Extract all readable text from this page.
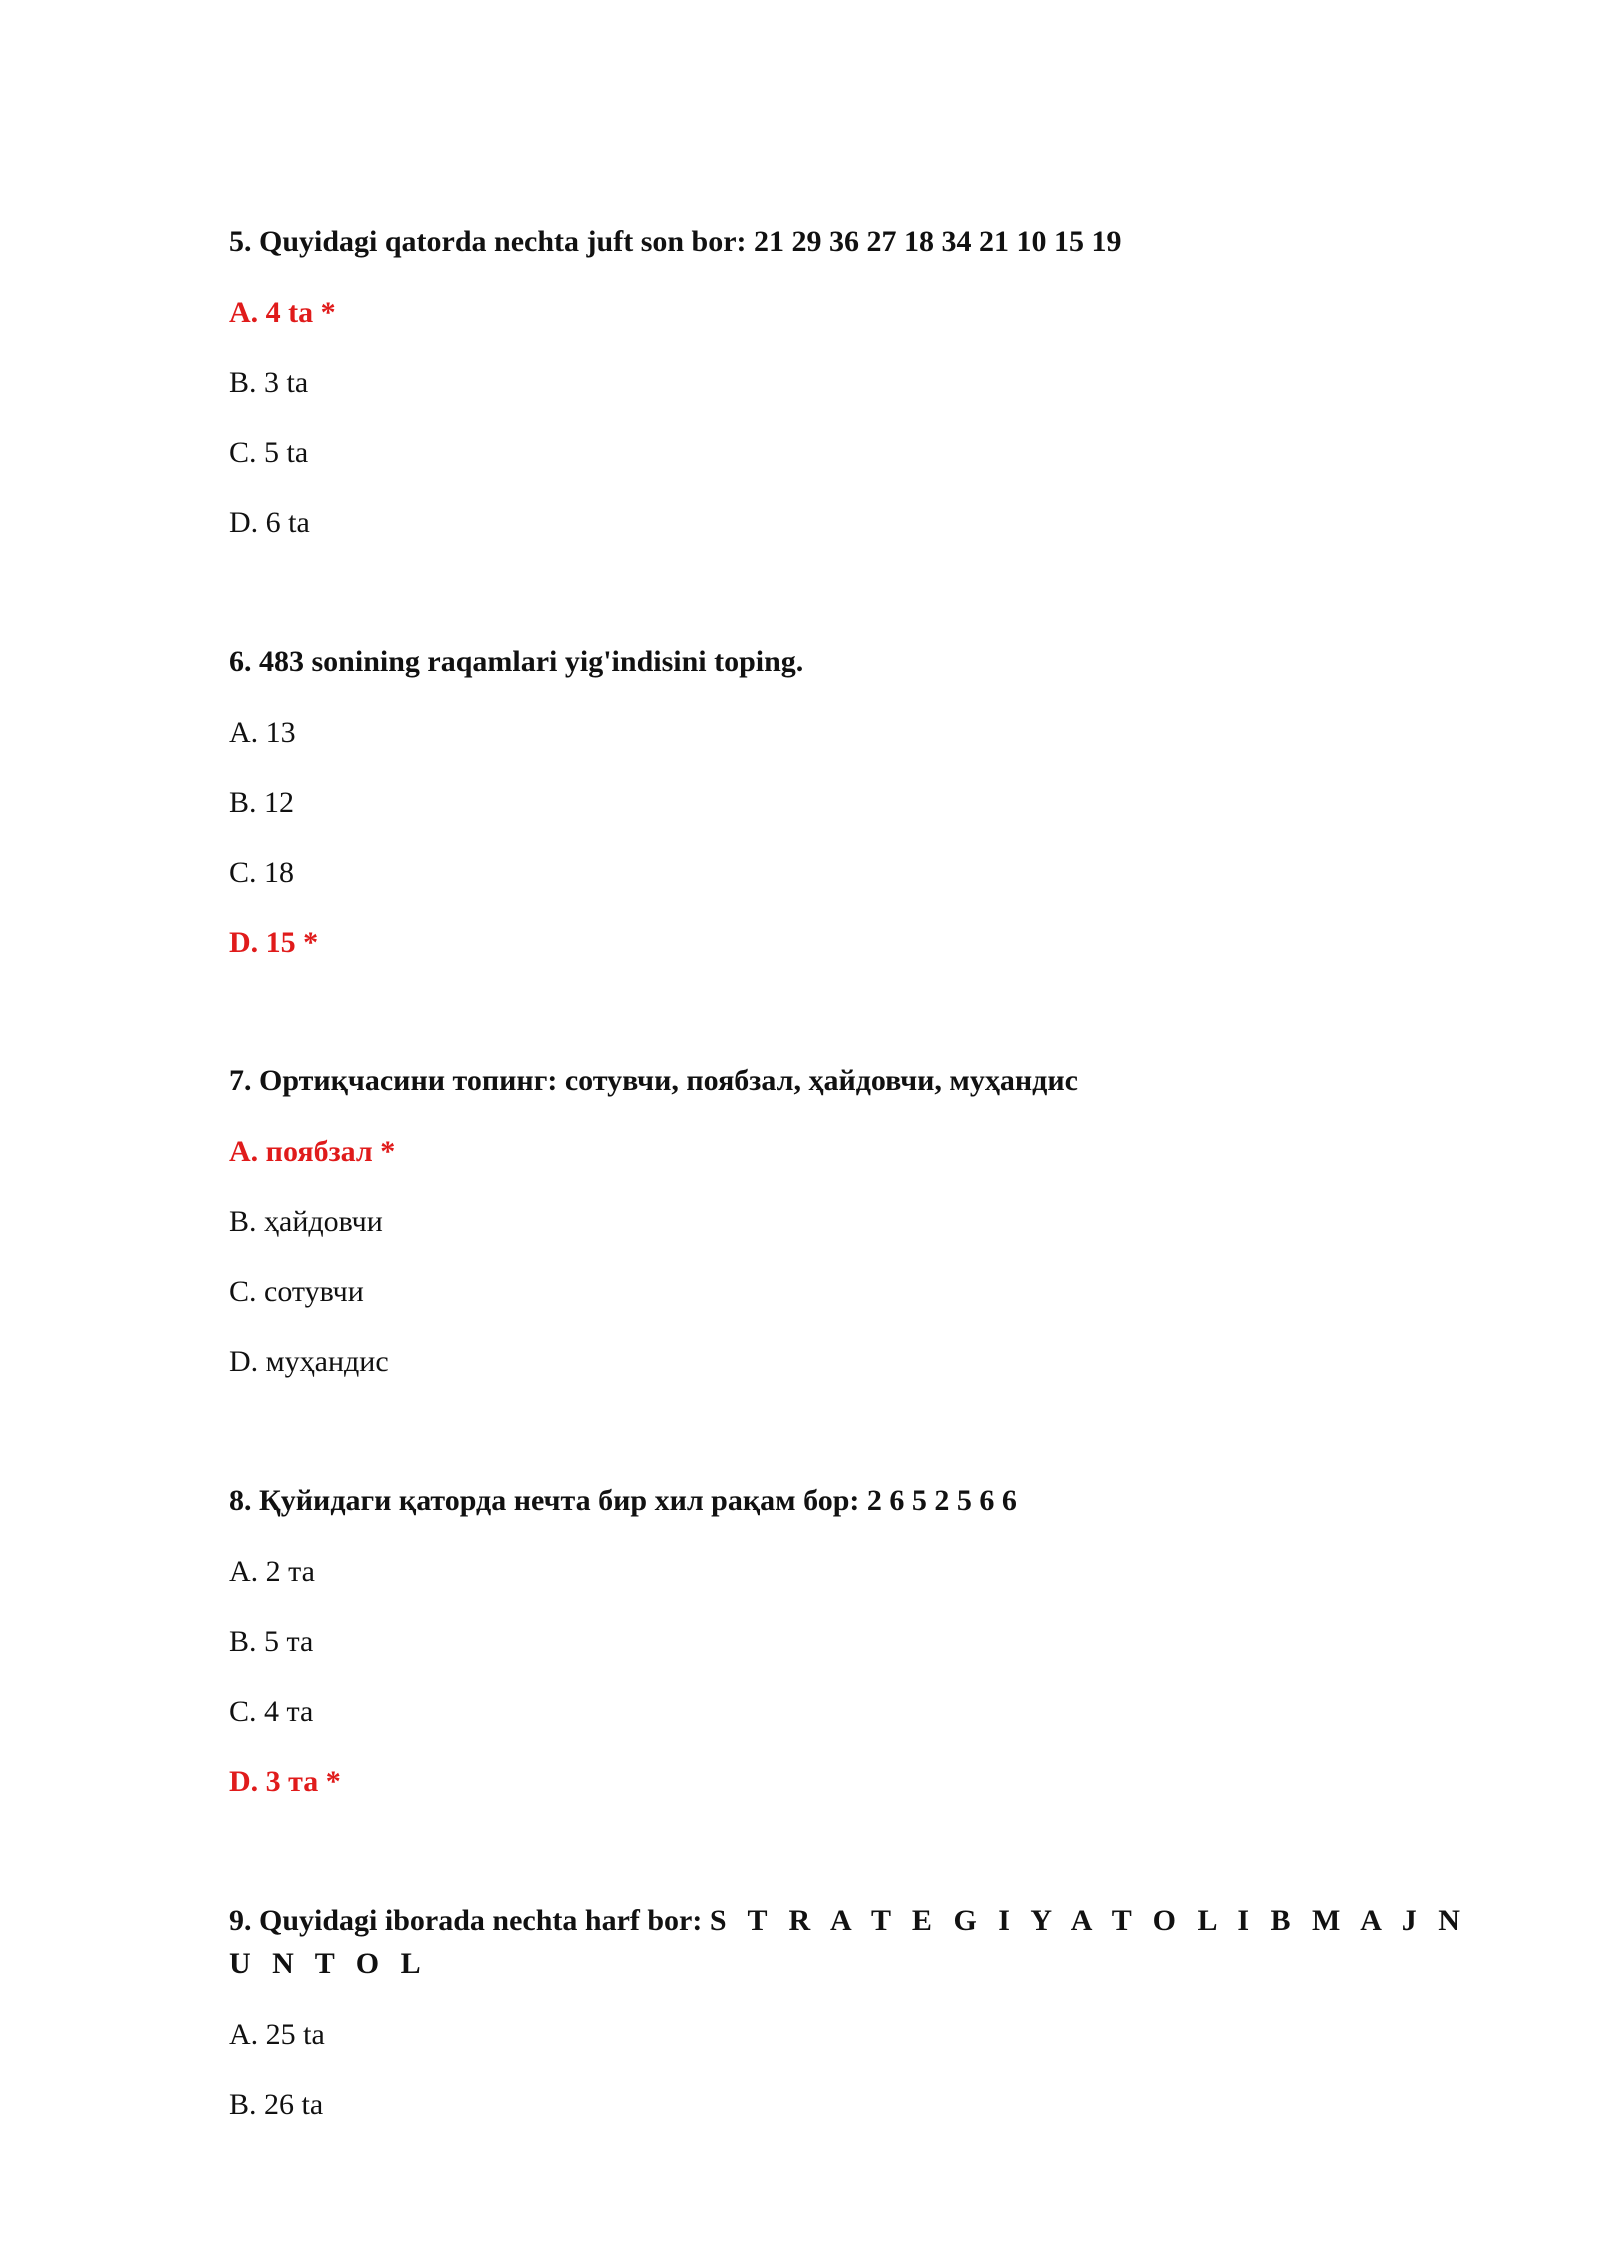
5. Quyidagi qatorda nechta juft son bor: 21 29 36 27 18 34 21 10 15 19

A. 4 ta *
B. 3 ta
C. 5 ta
D. 6 ta

6. 483 sonining raqamlari yig'indisini toping.

A. 13
B. 12
C. 18
D. 15 *

7. Ортиқчасини топинг: сотувчи, поябзал, ҳайдовчи, муҳандис

А. поябзал *
В. ҳайдовчи
С. сотувчи
D. муҳандис

8. Қуйидаги қаторда нечта бир хил рақам бор: 2 6 5 2 5 6 6

А. 2 та
В. 5 та
С. 4 та
D. 3 та *

9. Quyidagi iborada nechta harf bor: S T R A T E G I Y A T O L I B M A J N U N T O L

A. 25 ta
B. 26 ta
